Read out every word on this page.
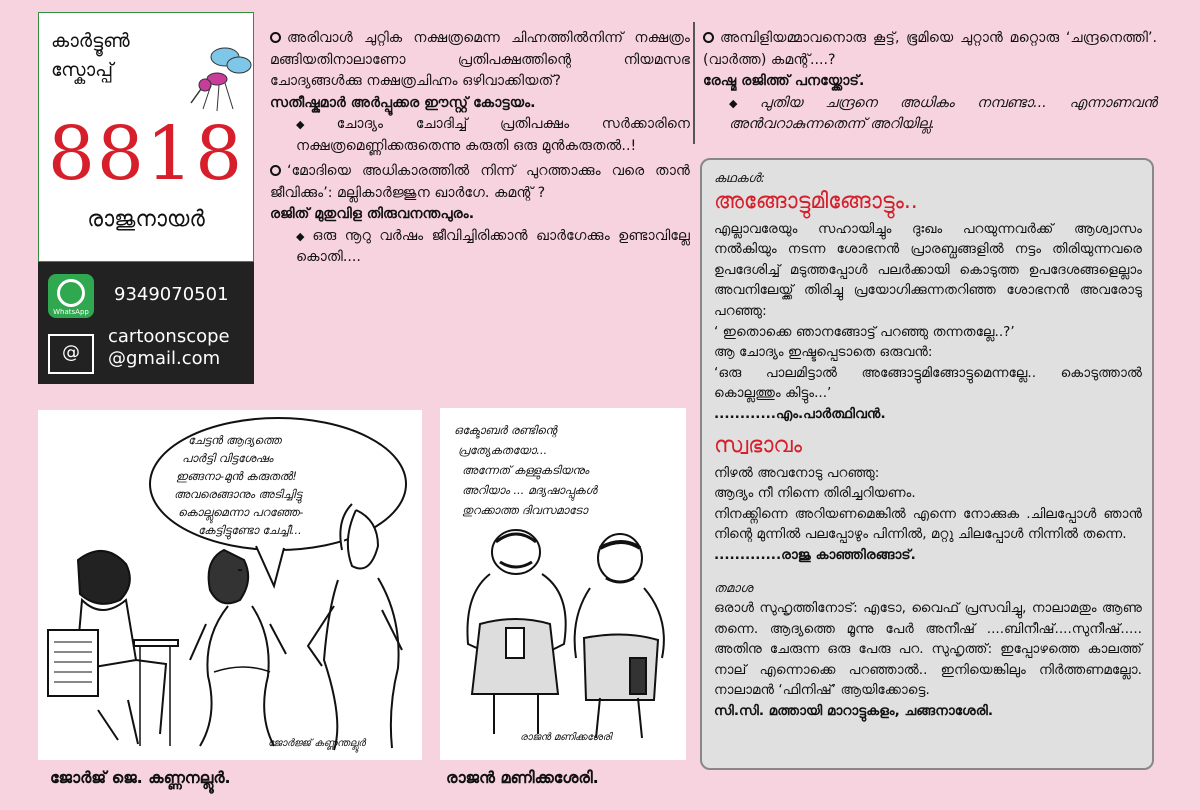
കാർട്ടൂൺ
സ്കോപ്പ്
8818
രാജുനായർ
WhatsApp
9349070501
@
cartoonscope
@gmail.com
അരിവാൾ ചുറ്റിക നക്ഷത്രമെന്ന ചിഹ്നത്തിൽനിന്ന് നക്ഷത്രം മങ്ങിയതിനാലാണോ പ്രതിപക്ഷത്തിന്റെ നിയമസഭ ചോദ്യങ്ങൾക്കു നക്ഷത്രചിഹ്നം ഒഴിവാക്കിയത്?
സതീഷ്കുമാർ അർപ്പൂക്കര ഈസ്റ്റ് കോട്ടയം.
◆ ചോദ്യം ചോദിച്ച് പ്രതിപക്ഷം സർക്കാരിനെ നക്ഷത്രമെണ്ണിക്കരുതെന്നു കരുതി ഒരു മുൻകരുതൽ..!
‘മോദിയെ അധികാരത്തിൽ നിന്ന് പുറത്താക്കും വരെ താൻ ജീവിക്കും’: മല്ലികാർജ്ജുന ഖാർഗേ. കമന്റ് ?
രജിത് മുതുവിള തിരുവനന്തപുരം.
◆ ഒരു നൂറു വർഷം ജീവിച്ചിരിക്കാൻ ഖാർഗേക്കും ഉണ്ടാവില്ലേ കൊതി....
അമ്പിളിയമ്മാവനൊരു കൂട്ട്, ഭൂമിയെ ചുറ്റാൻ മറ്റൊരു ‘ചന്ദ്രനെത്തി’. (വാർത്ത) കമന്റ്....?
രേഷ്മ രജിത്ത് പനയ്ക്കോട്.
◆ പുതിയ ചന്ദ്രനെ അധികം നമ്പണ്ടാ... എന്നാണവൻ അൻവറാകുന്നതെന്ന് അറിയില്ല.
കഥകൾ:
അങ്ങോട്ടുമിങ്ങോട്ടും..

എല്ലാവരേയും സഹായിച്ചും ദുഃഖം പറയുന്നവർക്ക് ആശ്വാസം നൽകിയും നടന്ന ശോഭനൻ പ്രാരബ്ധങ്ങളിൽ നട്ടം തിരിയുന്നവരെ ഉപദേശിച്ച് മടുത്തപ്പോൾ പലർക്കായി കൊടുത്ത ഉപദേശങ്ങളെല്ലാം അവനിലേയ്ക്ക് തിരിച്ചു പ്രയോഗിക്കുന്നതറിഞ്ഞ ശോഭനൻ അവരോടു പറഞ്ഞു:

‘ ഇതൊക്കെ ഞാനങ്ങോട്ട് പറഞ്ഞു തന്നതല്ലേ..?’

ആ ചോദ്യം ഇഷ്ടപ്പെടാതെ ഒരുവൻ:

‘ഒരു പാലമിട്ടാൽ അങ്ങോട്ടുമിങ്ങോട്ടുമെന്നല്ലേ.. കൊടുത്താൽ കൊല്ലത്തും കിട്ടും...’

............എം.പാർത്ഥിവൻ.

സ്വഭാവം

നിഴൽ അവനോടു പറഞ്ഞു:

ആദ്യം നീ നിന്നെ തിരിച്ചറിയണം.

നിനക്ക്നിന്നെ അറിയണമെങ്കിൽ എന്നെ നോക്കുക .ചിലപ്പോൾ ഞാൻ നിന്റെ മുന്നിൽ പലപ്പോഴും പിന്നിൽ, മറ്റു ചിലപ്പോൾ നിന്നിൽ തന്നെ.

.............രാജു കാഞ്ഞിരങ്ങാട്.

തമാശ

ഒരാൾ സുഹൃത്തിനോട്: എടോ, വൈഫ് പ്രസവിച്ചു, നാലാമതും ആണു തന്നെ. ആദ്യത്തെ മൂന്നു പേർ അനീഷ് ....ബിനീഷ്....സുനീഷ്..... അതിനു ചേരുന്ന ഒരു പേരു പറ. സുഹൃത്ത്: ഇപ്പോഴത്തെ കാലത്ത് നാല് എന്നൊക്കെ പറഞ്ഞാൽ.. ഇനിയെങ്കിലും നിർത്തണമല്ലോ. നാലാമൻ ‘ഫിനിഷ്’ ആയിക്കോട്ടെ.

സി.സി. മത്തായി മാറാട്ടുകളം, ചങ്ങനാശേരി.

ചേട്ടൻ ആദ്യത്തെ
പാർട്ടി വിട്ടശേഷം
ഇങ്ങനാ-മുൻ കരുതൽ!
അവരെങ്ങാനും അടിച്ചിട്ടു
കൊല്ലുമെന്നാ പറഞ്ഞേ-
കേട്ടിട്ടുണ്ടോ ചേച്ചീ...
ജോർജ്ജ് കണ്ണന്തല്ലൂർ
ജോർജ് ജെ. കണ്ണനല്ലൂർ.
ഒക്ടോബർ രണ്ടിന്റെ
പ്രത്യേകതയോ...
അന്നേത് കള്ളുകടിയനും
അറിയാം ... മദ്യഷാപ്പുകൾ
തുറക്കാത്ത ദിവസമാടോ
രാജൻ മണിക്കശേരി
രാജൻ മണിക്കശേരി.
